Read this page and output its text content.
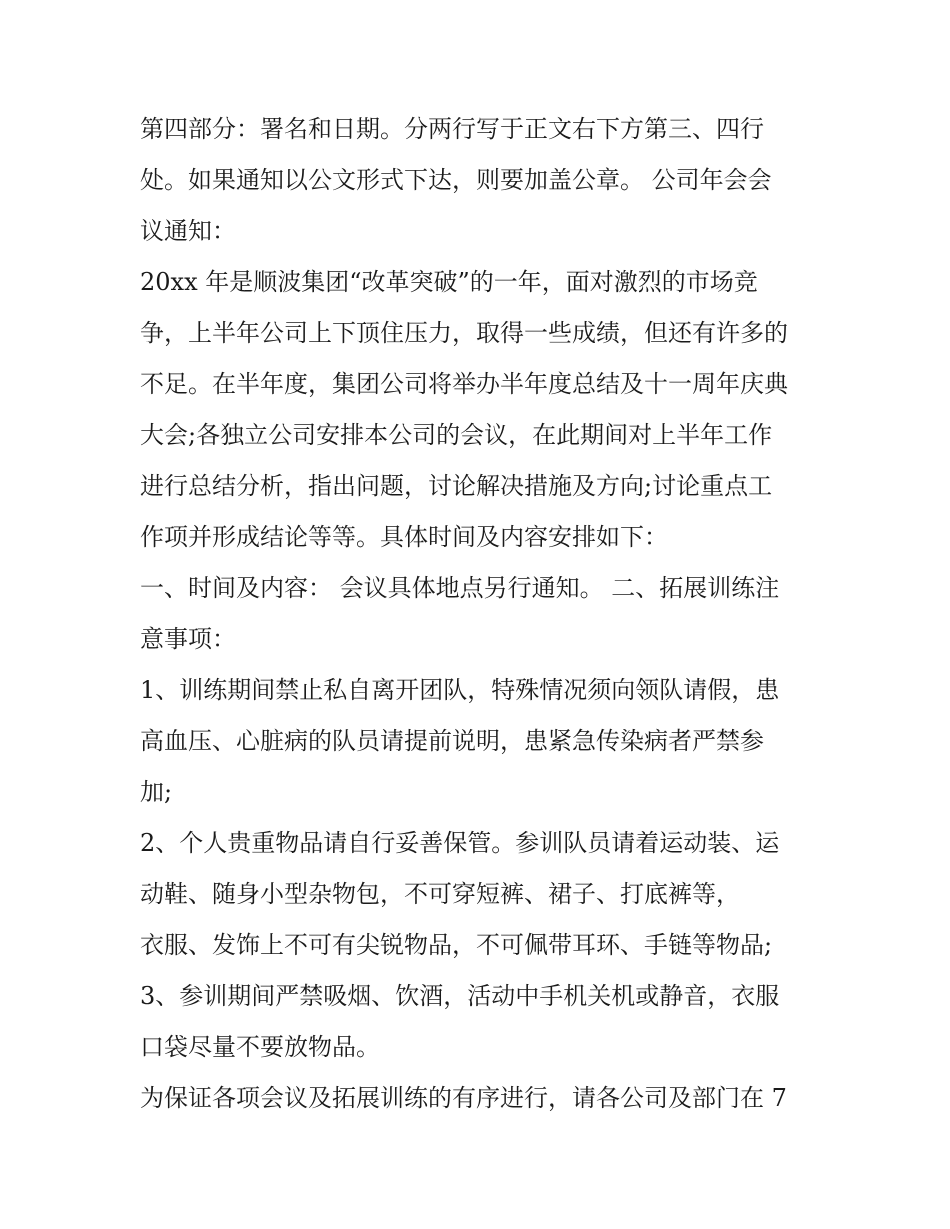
第四部分：署名和日期。分两行写于正文右下方第三、四行
处。如果通知以公文形式下达，则要加盖公章。 公司年会会
议通知：
20xx 年是顺波集团“改革突破”的一年，面对激烈的市场竞
争，上半年公司上下顶住压力，取得一些成绩，但还有许多的
不足。在半年度，集团公司将举办半年度总结及十一周年庆典
大会;各独立公司安排本公司的会议，在此期间对上半年工作
进行总结分析，指出问题，讨论解决措施及方向;讨论重点工
作项并形成结论等等。具体时间及内容安排如下：
一、时间及内容： 会议具体地点另行通知。 二、拓展训练注
意事项：
1、训练期间禁止私自离开团队，特殊情况须向领队请假，患
高血压、心脏病的队员请提前说明，患紧急传染病者严禁参
加;
2、个人贵重物品请自行妥善保管。参训队员请着运动装、运
动鞋、随身小型杂物包，不可穿短裤、裙子、打底裤等，
衣服、发饰上不可有尖锐物品，不可佩带耳环、手链等物品;
3、参训期间严禁吸烟、饮酒，活动中手机关机或静音，衣服
口袋尽量不要放物品。
为保证各项会议及拓展训练的有序进行，请各公司及部门在 7
